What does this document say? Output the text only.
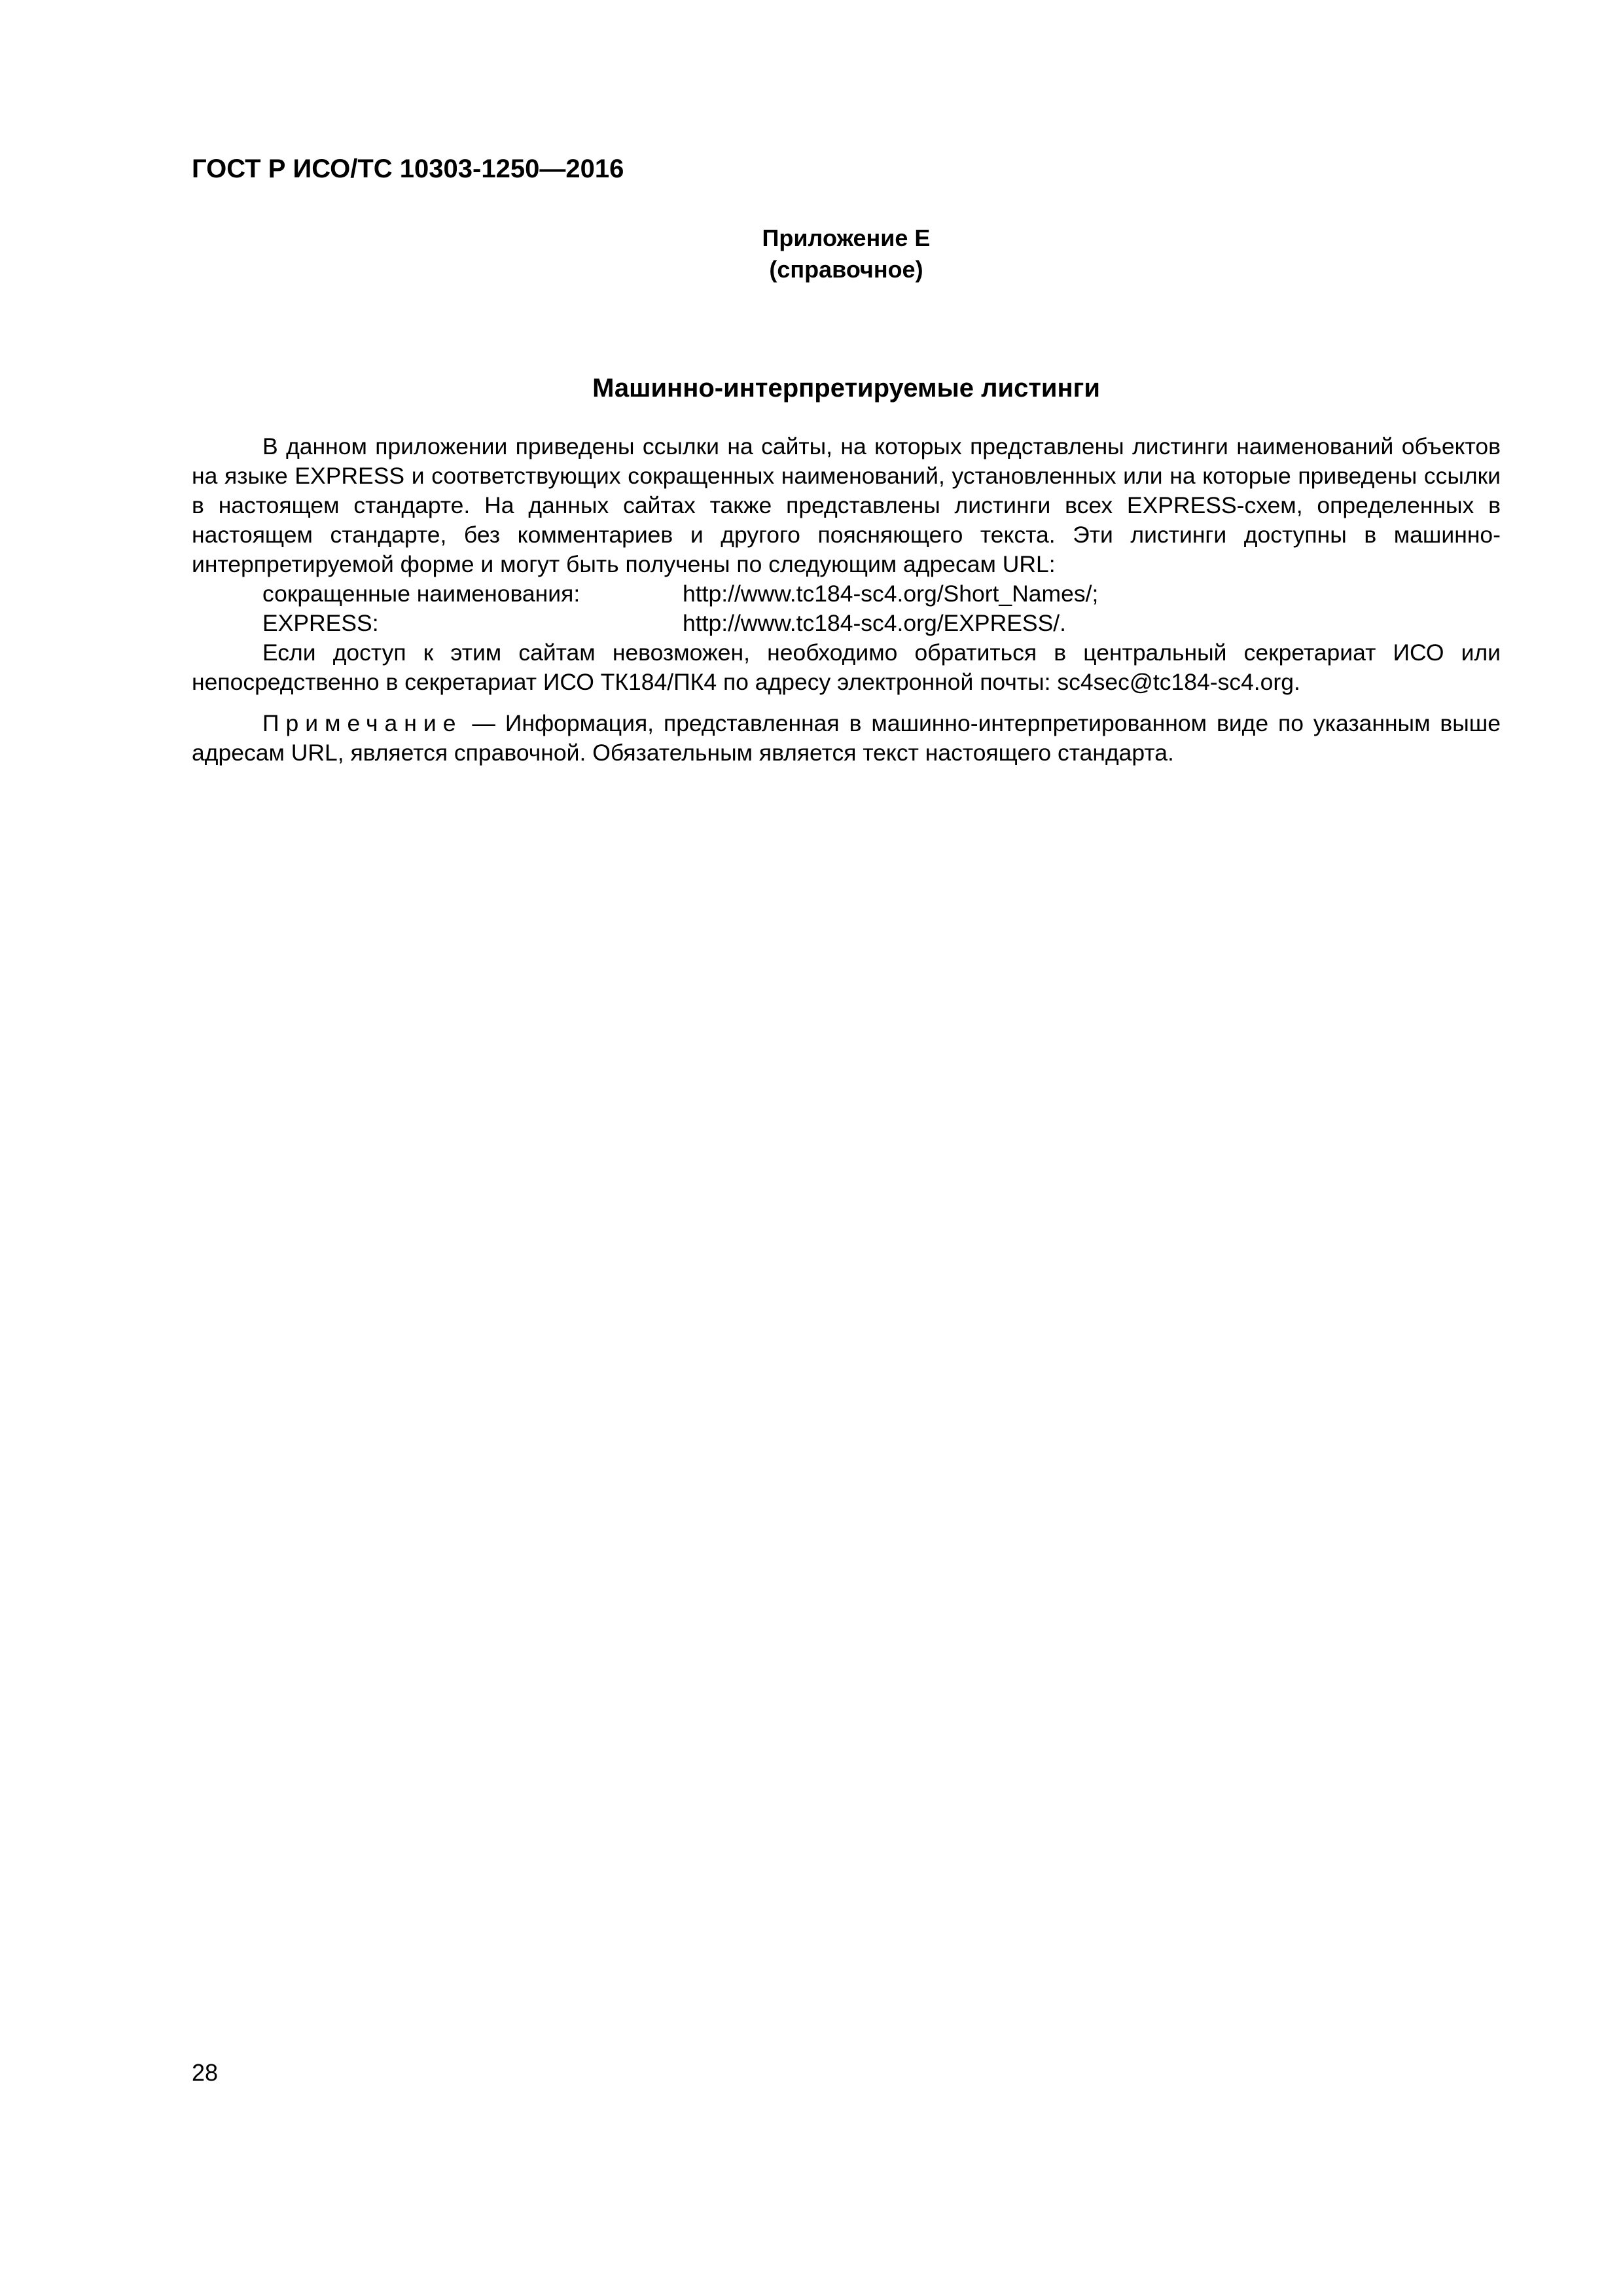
ГОСТ Р ИСО/ТС 10303-1250—2016
Приложение Е
(справочное)
Машинно-интерпретируемые листинги

В данном приложении приведены ссылки на сайты, на которых представлены листинги наименований объектов на языке EXPRESS и соответствующих сокращенных наименований, установленных или на которые приведены ссылки в настоящем стандарте. На данных сайтах также представлены листинги всех EXPRESS-схем, определенных в настоящем стандарте, без комментариев и другого поясняющего текста. Эти листинги доступны в машинно-интерпретируемой форме и могут быть получены по следующим адресам URL:

сокращенные наименования:	http://www.tc184-sc4.org/Short_Names/;
EXPRESS:	http://www.tc184-sc4.org/EXPRESS/.

Если доступ к этим сайтам невозможен, необходимо обратиться в центральный секретариат ИСО или непосредственно в секретариат ИСО ТК184/ПК4 по адресу электронной почты: sc4sec@tc184-sc4.org.

Примечание — Информация, представленная в машинно-интерпретированном виде по указанным выше адресам URL, является справочной. Обязательным является текст настоящего стандарта.

28
